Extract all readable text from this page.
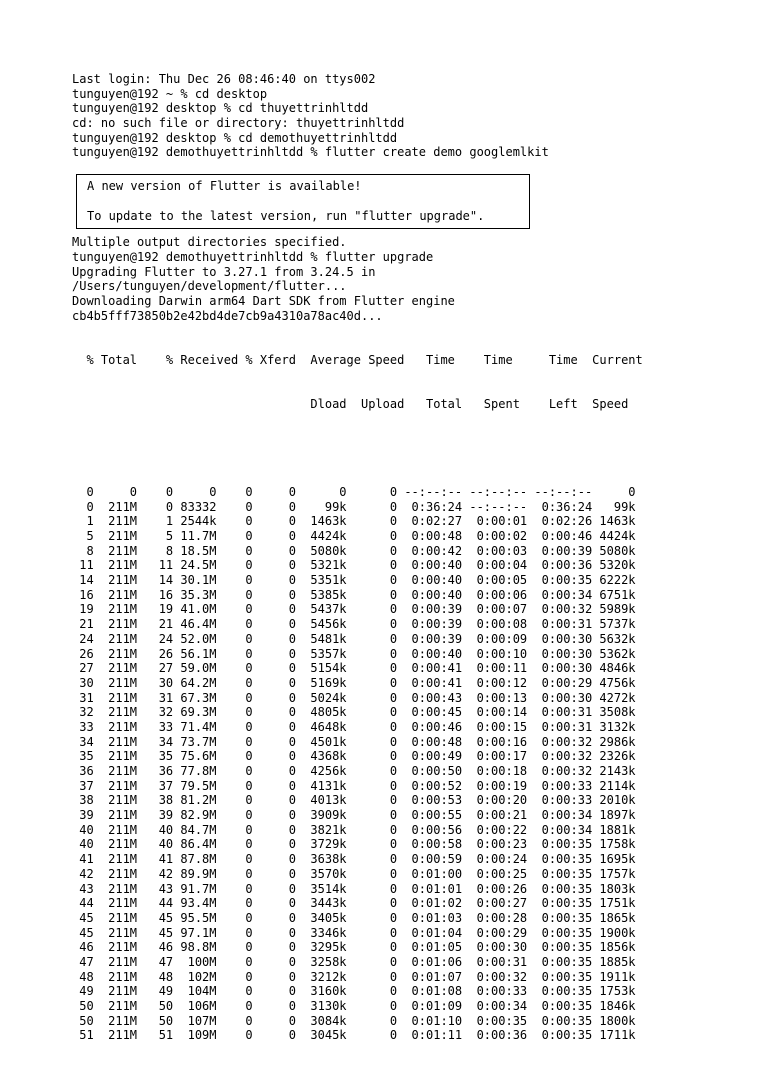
Last login: Thu Dec 26 08:46:40 on ttys002
tunguyen@192 ~ % cd desktop
tunguyen@192 desktop % cd thuyettrinhltdd
cd: no such file or directory: thuyettrinhltdd
tunguyen@192 desktop % cd demothuyettrinhltdd
tunguyen@192 demothuyettrinhltdd % flutter create demo googlemlkit
A new version of Flutter is available!
To update to the latest version, run "flutter upgrade".
Multiple output directories specified.
tunguyen@192 demothuyettrinhltdd % flutter upgrade
Upgrading Flutter to 3.27.1 from 3.24.5 in
/Users/tunguyen/development/flutter...
Downloading Darwin arm64 Dart SDK from Flutter engine
cb4b5fff73850b2e42bd4de7cb9a4310a78ac40d...

% Total    % Received % Xferd  Average Speed   Time    Time     Time  Current

Dload  Upload   Total   Spent    Left  Speed

0     0    0     0    0     0      0      0 --:--:-- --:--:-- --:--:--     0
0  211M    0 83332    0     0    99k      0  0:36:24 --:--:--  0:36:24   99k
1  211M    1 2544k    0     0  1463k      0  0:02:27  0:00:01  0:02:26 1463k
5  211M    5 11.7M    0     0  4424k      0  0:00:48  0:00:02  0:00:46 4424k
8  211M    8 18.5M    0     0  5080k      0  0:00:42  0:00:03  0:00:39 5080k
11  211M   11 24.5M    0     0  5321k      0  0:00:40  0:00:04  0:00:36 5320k
14  211M   14 30.1M    0     0  5351k      0  0:00:40  0:00:05  0:00:35 6222k
16  211M   16 35.3M    0     0  5385k      0  0:00:40  0:00:06  0:00:34 6751k
19  211M   19 41.0M    0     0  5437k      0  0:00:39  0:00:07  0:00:32 5989k
21  211M   21 46.4M    0     0  5456k      0  0:00:39  0:00:08  0:00:31 5737k
24  211M   24 52.0M    0     0  5481k      0  0:00:39  0:00:09  0:00:30 5632k
26  211M   26 56.1M    0     0  5357k      0  0:00:40  0:00:10  0:00:30 5362k
27  211M   27 59.0M    0     0  5154k      0  0:00:41  0:00:11  0:00:30 4846k
30  211M   30 64.2M    0     0  5169k      0  0:00:41  0:00:12  0:00:29 4756k
31  211M   31 67.3M    0     0  5024k      0  0:00:43  0:00:13  0:00:30 4272k
32  211M   32 69.3M    0     0  4805k      0  0:00:45  0:00:14  0:00:31 3508k
33  211M   33 71.4M    0     0  4648k      0  0:00:46  0:00:15  0:00:31 3132k
34  211M   34 73.7M    0     0  4501k      0  0:00:48  0:00:16  0:00:32 2986k
35  211M   35 75.6M    0     0  4368k      0  0:00:49  0:00:17  0:00:32 2326k
36  211M   36 77.8M    0     0  4256k      0  0:00:50  0:00:18  0:00:32 2143k
37  211M   37 79.5M    0     0  4131k      0  0:00:52  0:00:19  0:00:33 2114k
38  211M   38 81.2M    0     0  4013k      0  0:00:53  0:00:20  0:00:33 2010k
39  211M   39 82.9M    0     0  3909k      0  0:00:55  0:00:21  0:00:34 1897k
40  211M   40 84.7M    0     0  3821k      0  0:00:56  0:00:22  0:00:34 1881k
40  211M   40 86.4M    0     0  3729k      0  0:00:58  0:00:23  0:00:35 1758k
41  211M   41 87.8M    0     0  3638k      0  0:00:59  0:00:24  0:00:35 1695k
42  211M   42 89.9M    0     0  3570k      0  0:01:00  0:00:25  0:00:35 1757k
43  211M   43 91.7M    0     0  3514k      0  0:01:01  0:00:26  0:00:35 1803k
44  211M   44 93.4M    0     0  3443k      0  0:01:02  0:00:27  0:00:35 1751k
45  211M   45 95.5M    0     0  3405k      0  0:01:03  0:00:28  0:00:35 1865k
45  211M   45 97.1M    0     0  3346k      0  0:01:04  0:00:29  0:00:35 1900k
46  211M   46 98.8M    0     0  3295k      0  0:01:05  0:00:30  0:00:35 1856k
47  211M   47  100M    0     0  3258k      0  0:01:06  0:00:31  0:00:35 1885k
48  211M   48  102M    0     0  3212k      0  0:01:07  0:00:32  0:00:35 1911k
49  211M   49  104M    0     0  3160k      0  0:01:08  0:00:33  0:00:35 1753k
50  211M   50  106M    0     0  3130k      0  0:01:09  0:00:34  0:00:35 1846k
50  211M   50  107M    0     0  3084k      0  0:01:10  0:00:35  0:00:35 1800k
51  211M   51  109M    0     0  3045k      0  0:01:11  0:00:36  0:00:35 1711k
